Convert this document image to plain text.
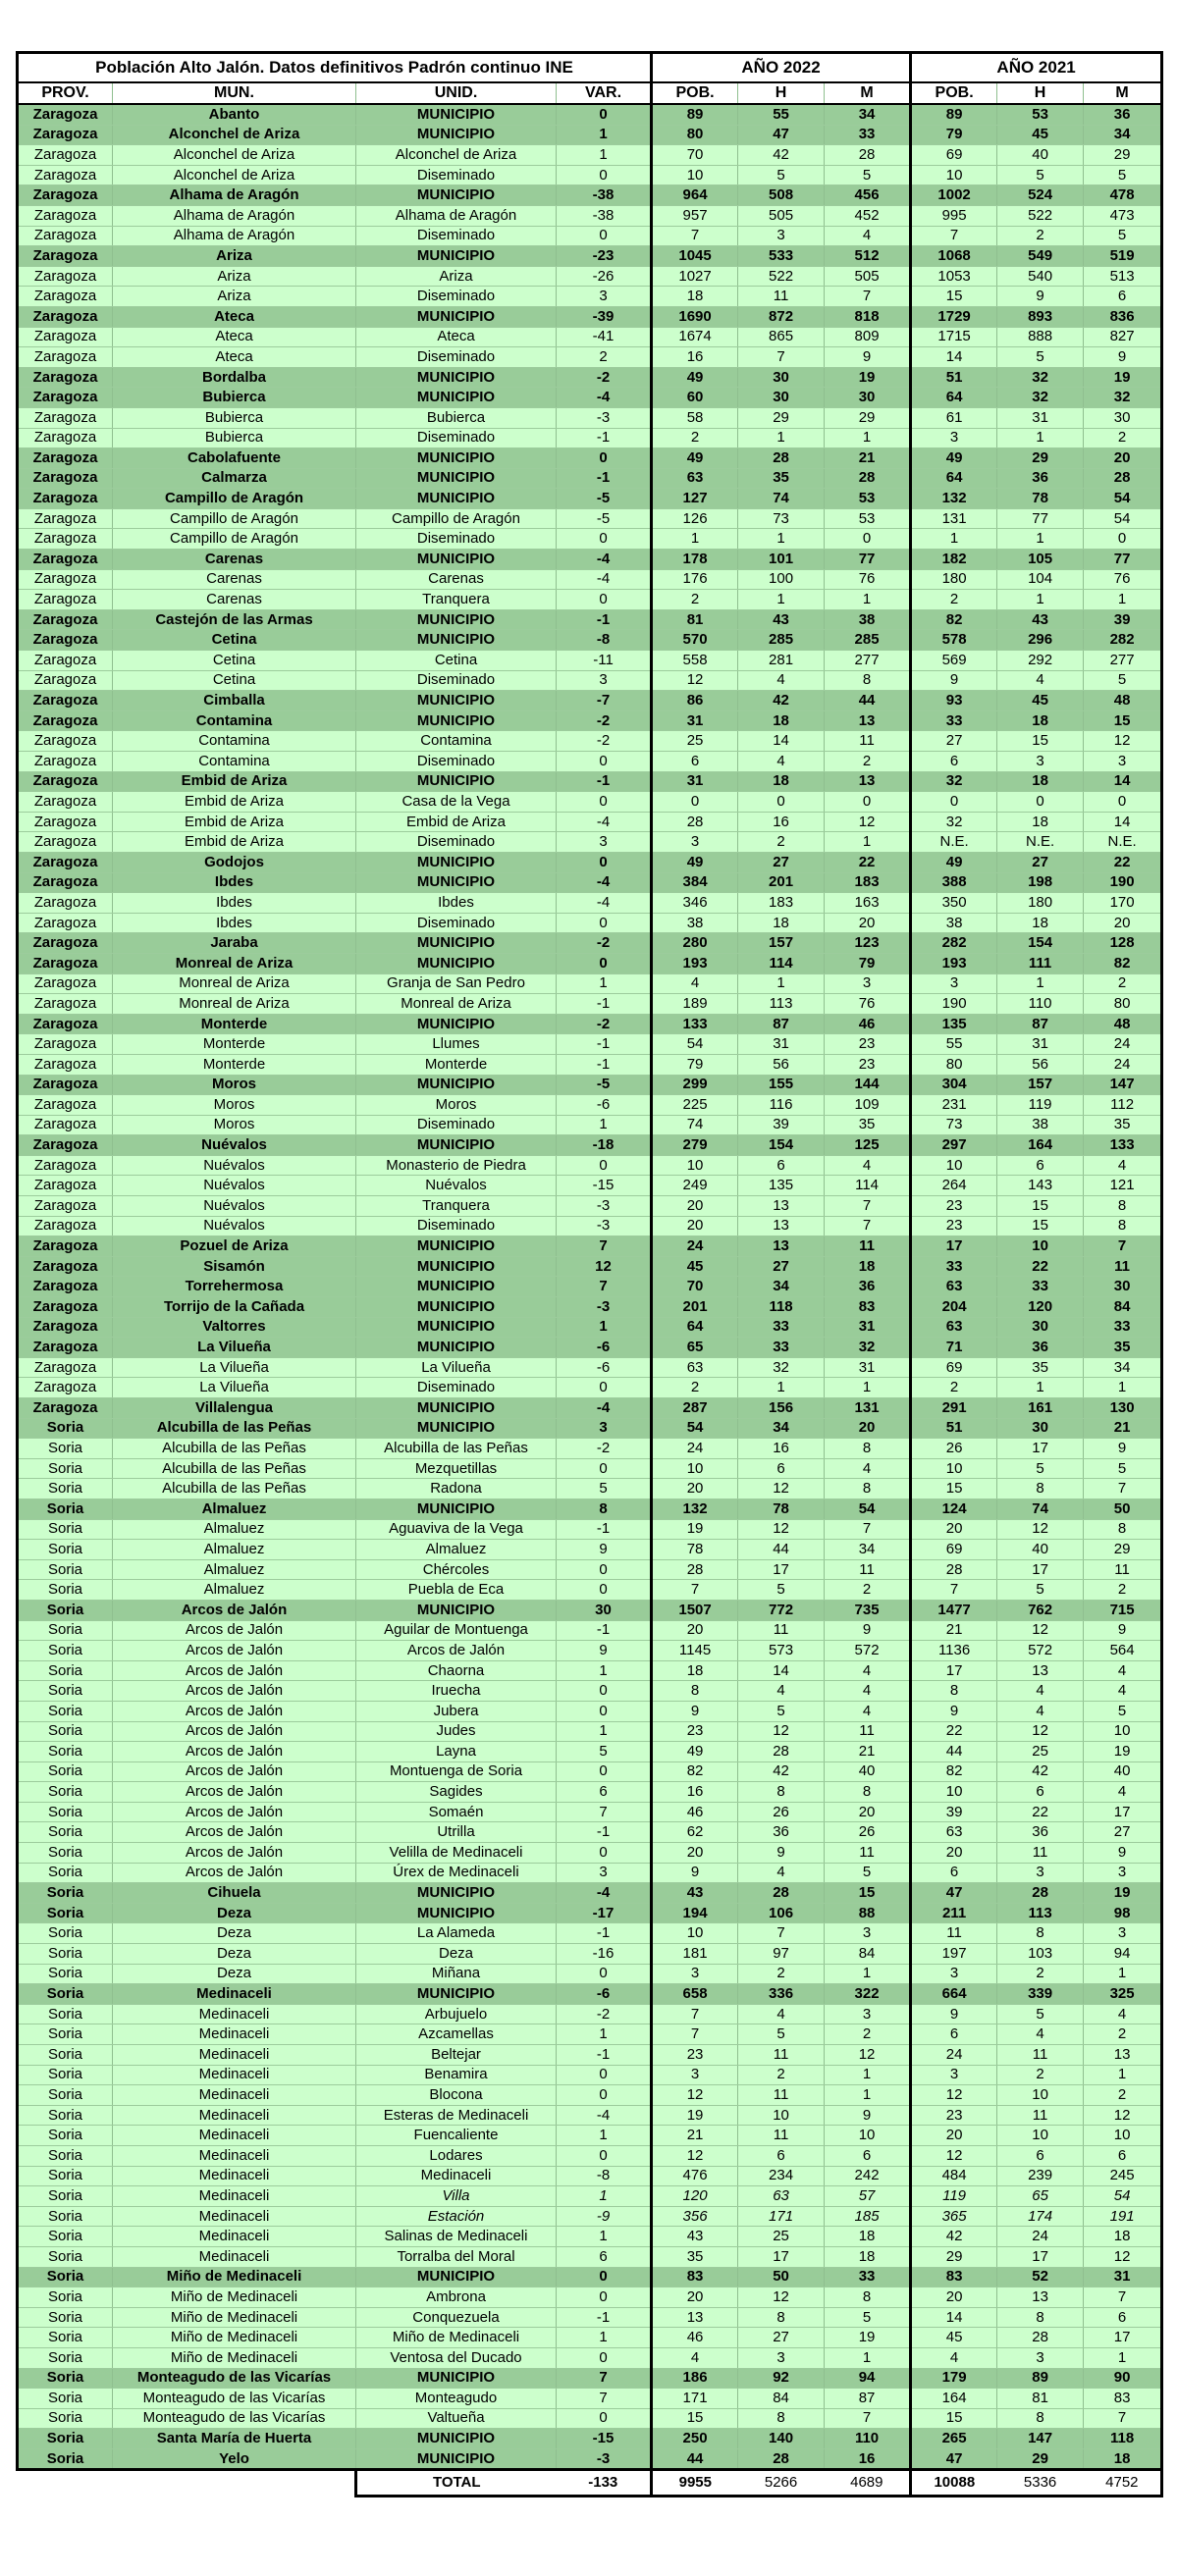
Población Alto Jalón. Datos definitivos Padrón continuo INE				AÑO 2022			AÑO 2021		
PROV.	MUN.	UNID.	VAR.	POB.	H	M	POB.	H	M
Zaragoza	Abanto	MUNICIPIO	0	89	55	34	89	53	36
Zaragoza	Alconchel de Ariza	MUNICIPIO	1	80	47	33	79	45	34
Zaragoza	Alconchel de Ariza	Alconchel de Ariza	1	70	42	28	69	40	29
Zaragoza	Alconchel de Ariza	Diseminado	0	10	5	5	10	5	5
Zaragoza	Alhama de Aragón	MUNICIPIO	-38	964	508	456	1002	524	478
Zaragoza	Alhama de Aragón	Alhama de Aragón	-38	957	505	452	995	522	473
Zaragoza	Alhama de Aragón	Diseminado	0	7	3	4	7	2	5
Zaragoza	Ariza	MUNICIPIO	-23	1045	533	512	1068	549	519
Zaragoza	Ariza	Ariza	-26	1027	522	505	1053	540	513
Zaragoza	Ariza	Diseminado	3	18	11	7	15	9	6
Zaragoza	Ateca	MUNICIPIO	-39	1690	872	818	1729	893	836
Zaragoza	Ateca	Ateca	-41	1674	865	809	1715	888	827
Zaragoza	Ateca	Diseminado	2	16	7	9	14	5	9
Zaragoza	Bordalba	MUNICIPIO	-2	49	30	19	51	32	19
Zaragoza	Bubierca	MUNICIPIO	-4	60	30	30	64	32	32
Zaragoza	Bubierca	Bubierca	-3	58	29	29	61	31	30
Zaragoza	Bubierca	Diseminado	-1	2	1	1	3	1	2
Zaragoza	Cabolafuente	MUNICIPIO	0	49	28	21	49	29	20
Zaragoza	Calmarza	MUNICIPIO	-1	63	35	28	64	36	28
Zaragoza	Campillo de Aragón	MUNICIPIO	-5	127	74	53	132	78	54
Zaragoza	Campillo de Aragón	Campillo de Aragón	-5	126	73	53	131	77	54
Zaragoza	Campillo de Aragón	Diseminado	0	1	1	0	1	1	0
Zaragoza	Carenas	MUNICIPIO	-4	178	101	77	182	105	77
Zaragoza	Carenas	Carenas	-4	176	100	76	180	104	76
Zaragoza	Carenas	Tranquera	0	2	1	1	2	1	1
Zaragoza	Castejón de las Armas	MUNICIPIO	-1	81	43	38	82	43	39
Zaragoza	Cetina	MUNICIPIO	-8	570	285	285	578	296	282
Zaragoza	Cetina	Cetina	-11	558	281	277	569	292	277
Zaragoza	Cetina	Diseminado	3	12	4	8	9	4	5
Zaragoza	Cimballa	MUNICIPIO	-7	86	42	44	93	45	48
Zaragoza	Contamina	MUNICIPIO	-2	31	18	13	33	18	15
Zaragoza	Contamina	Contamina	-2	25	14	11	27	15	12
Zaragoza	Contamina	Diseminado	0	6	4	2	6	3	3
Zaragoza	Embid de Ariza	MUNICIPIO	-1	31	18	13	32	18	14
Zaragoza	Embid de Ariza	Casa de la Vega	0	0	0	0	0	0	0
Zaragoza	Embid de Ariza	Embid de Ariza	-4	28	16	12	32	18	14
Zaragoza	Embid de Ariza	Diseminado	3	3	2	1	N.E.	N.E.	N.E.
Zaragoza	Godojos	MUNICIPIO	0	49	27	22	49	27	22
Zaragoza	Ibdes	MUNICIPIO	-4	384	201	183	388	198	190
Zaragoza	Ibdes	Ibdes	-4	346	183	163	350	180	170
Zaragoza	Ibdes	Diseminado	0	38	18	20	38	18	20
Zaragoza	Jaraba	MUNICIPIO	-2	280	157	123	282	154	128
Zaragoza	Monreal de Ariza	MUNICIPIO	0	193	114	79	193	111	82
Zaragoza	Monreal de Ariza	Granja de San Pedro	1	4	1	3	3	1	2
Zaragoza	Monreal de Ariza	Monreal de Ariza	-1	189	113	76	190	110	80
Zaragoza	Monterde	MUNICIPIO	-2	133	87	46	135	87	48
Zaragoza	Monterde	Llumes	-1	54	31	23	55	31	24
Zaragoza	Monterde	Monterde	-1	79	56	23	80	56	24
Zaragoza	Moros	MUNICIPIO	-5	299	155	144	304	157	147
Zaragoza	Moros	Moros	-6	225	116	109	231	119	112
Zaragoza	Moros	Diseminado	1	74	39	35	73	38	35
Zaragoza	Nuévalos	MUNICIPIO	-18	279	154	125	297	164	133
Zaragoza	Nuévalos	Monasterio de Piedra	0	10	6	4	10	6	4
Zaragoza	Nuévalos	Nuévalos	-15	249	135	114	264	143	121
Zaragoza	Nuévalos	Tranquera	-3	20	13	7	23	15	8
Zaragoza	Nuévalos	Diseminado	-3	20	13	7	23	15	8
Zaragoza	Pozuel de Ariza	MUNICIPIO	7	24	13	11	17	10	7
Zaragoza	Sisamón	MUNICIPIO	12	45	27	18	33	22	11
Zaragoza	Torrehermosa	MUNICIPIO	7	70	34	36	63	33	30
Zaragoza	Torrijo de la Cañada	MUNICIPIO	-3	201	118	83	204	120	84
Zaragoza	Valtorres	MUNICIPIO	1	64	33	31	63	30	33
Zaragoza	La Vilueña	MUNICIPIO	-6	65	33	32	71	36	35
Zaragoza	La Vilueña	La Vilueña	-6	63	32	31	69	35	34
Zaragoza	La Vilueña	Diseminado	0	2	1	1	2	1	1
Zaragoza	Villalengua	MUNICIPIO	-4	287	156	131	291	161	130
Soria	Alcubilla de las Peñas	MUNICIPIO	3	54	34	20	51	30	21
Soria	Alcubilla de las Peñas	Alcubilla de las Peñas	-2	24	16	8	26	17	9
Soria	Alcubilla de las Peñas	Mezquetillas	0	10	6	4	10	5	5
Soria	Alcubilla de las Peñas	Radona	5	20	12	8	15	8	7
Soria	Almaluez	MUNICIPIO	8	132	78	54	124	74	50
Soria	Almaluez	Aguaviva de la Vega	-1	19	12	7	20	12	8
Soria	Almaluez	Almaluez	9	78	44	34	69	40	29
Soria	Almaluez	Chércoles	0	28	17	11	28	17	11
Soria	Almaluez	Puebla de Eca	0	7	5	2	7	5	2
Soria	Arcos de Jalón	MUNICIPIO	30	1507	772	735	1477	762	715
Soria	Arcos de Jalón	Aguilar de Montuenga	-1	20	11	9	21	12	9
Soria	Arcos de Jalón	Arcos de Jalón	9	1145	573	572	1136	572	564
Soria	Arcos de Jalón	Chaorna	1	18	14	4	17	13	4
Soria	Arcos de Jalón	Iruecha	0	8	4	4	8	4	4
Soria	Arcos de Jalón	Jubera	0	9	5	4	9	4	5
Soria	Arcos de Jalón	Judes	1	23	12	11	22	12	10
Soria	Arcos de Jalón	Layna	5	49	28	21	44	25	19
Soria	Arcos de Jalón	Montuenga de Soria	0	82	42	40	82	42	40
Soria	Arcos de Jalón	Sagides	6	16	8	8	10	6	4
Soria	Arcos de Jalón	Somaén	7	46	26	20	39	22	17
Soria	Arcos de Jalón	Utrilla	-1	62	36	26	63	36	27
Soria	Arcos de Jalón	Velilla de Medinaceli	0	20	9	11	20	11	9
Soria	Arcos de Jalón	Úrex de Medinaceli	3	9	4	5	6	3	3
Soria	Cihuela	MUNICIPIO	-4	43	28	15	47	28	19
Soria	Deza	MUNICIPIO	-17	194	106	88	211	113	98
Soria	Deza	La Alameda	-1	10	7	3	11	8	3
Soria	Deza	Deza	-16	181	97	84	197	103	94
Soria	Deza	Miñana	0	3	2	1	3	2	1
Soria	Medinaceli	MUNICIPIO	-6	658	336	322	664	339	325
Soria	Medinaceli	Arbujuelo	-2	7	4	3	9	5	4
Soria	Medinaceli	Azcamellas	1	7	5	2	6	4	2
Soria	Medinaceli	Beltejar	-1	23	11	12	24	11	13
Soria	Medinaceli	Benamira	0	3	2	1	3	2	1
Soria	Medinaceli	Blocona	0	12	11	1	12	10	2
Soria	Medinaceli	Esteras de Medinaceli	-4	19	10	9	23	11	12
Soria	Medinaceli	Fuencaliente	1	21	11	10	20	10	10
Soria	Medinaceli	Lodares	0	12	6	6	12	6	6
Soria	Medinaceli	Medinaceli	-8	476	234	242	484	239	245
Soria	Medinaceli	Villa	1	120	63	57	119	65	54
Soria	Medinaceli	Estación	-9	356	171	185	365	174	191
Soria	Medinaceli	Salinas de Medinaceli	1	43	25	18	42	24	18
Soria	Medinaceli	Torralba del Moral	6	35	17	18	29	17	12
Soria	Miño de Medinaceli	MUNICIPIO	0	83	50	33	83	52	31
Soria	Miño de Medinaceli	Ambrona	0	20	12	8	20	13	7
Soria	Miño de Medinaceli	Conquezuela	-1	13	8	5	14	8	6
Soria	Miño de Medinaceli	Miño de Medinaceli	1	46	27	19	45	28	17
Soria	Miño de Medinaceli	Ventosa del Ducado	0	4	3	1	4	3	1
Soria	Monteagudo de las Vicarías	MUNICIPIO	7	186	92	94	179	89	90
Soria	Monteagudo de las Vicarías	Monteagudo	7	171	84	87	164	81	83
Soria	Monteagudo de las Vicarías	Valtueña	0	15	8	7	15	8	7
Soria	Santa María de Huerta	MUNICIPIO	-15	250	140	110	265	147	118
Soria	Yelo	MUNICIPIO	-3	44	28	16	47	29	18
		TOTAL	-133	9955	5266	4689	10088	5336	4752
